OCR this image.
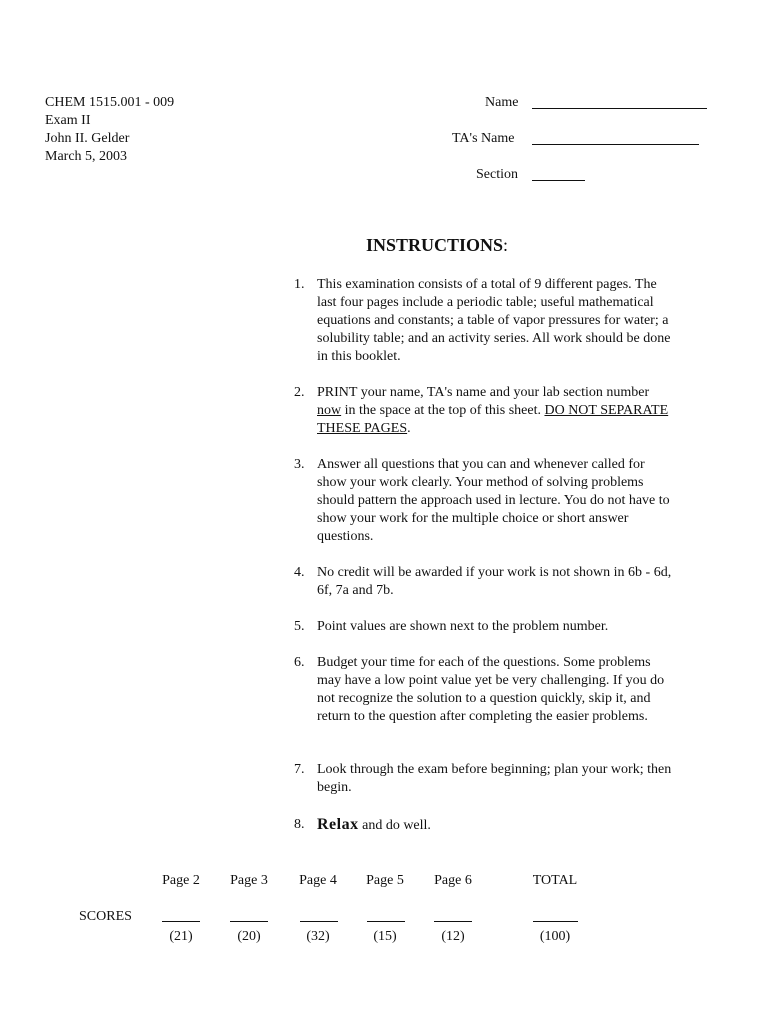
CHEM 1515.001 - 009
Exam II
John II. Gelder
March 5, 2003
Name
TA's Name
Section
INSTRUCTIONS:
1. This examination consists of a total of 9 different pages. The last four pages include a periodic table; useful mathematical equations and constants; a table of vapor pressures for water; a solubility table; and an activity series. All work should be done in this booklet.
2. PRINT your name, TA's name and your lab section number now in the space at the top of this sheet. DO NOT SEPARATE THESE PAGES.
3. Answer all questions that you can and whenever called for show your work clearly. Your method of solving problems should pattern the approach used in lecture. You do not have to show your work for the multiple choice or short answer questions.
4. No credit will be awarded if your work is not shown in 6b - 6d, 6f, 7a and 7b.
5. Point values are shown next to the problem number.
6. Budget your time for each of the questions. Some problems may have a low point value yet be very challenging. If you do not recognize the solution to a question quickly, skip it, and return to the question after completing the easier problems.
7. Look through the exam before beginning; plan your work; then begin.
8. Relax and do well.
SCORES
Page 2
(21)
Page 3
(20)
Page 4
(32)
Page 5
(15)
Page 6
(12)
TOTAL
(100)
